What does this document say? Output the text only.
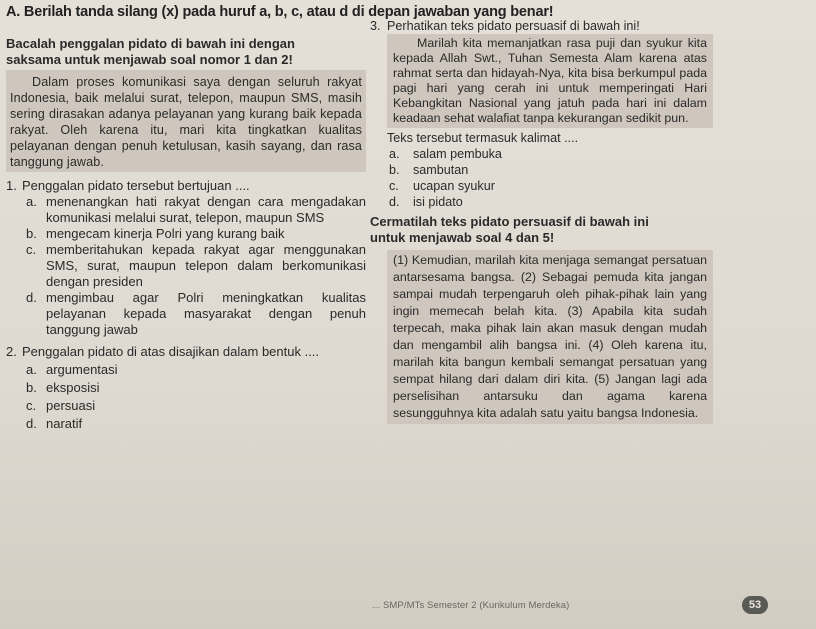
A. Berilah tanda silang (x) pada huruf a, b, c, atau d di depan jawaban yang benar!
Bacalah penggalan pidato di bawah ini dengan
saksama untuk menjawab soal nomor 1 dan 2!
Dalam proses komunikasi saya dengan seluruh rakyat Indonesia, baik melalui surat, telepon, maupun SMS, masih sering dirasakan adanya pelayanan yang kurang baik kepada rakyat. Oleh karena itu, mari kita tingkatkan kualitas pelayanan dengan penuh ketulusan, kasih sayang, dan rasa tanggung jawab.
1. Penggalan pidato tersebut bertujuan ....
a. menenangkan hati rakyat dengan cara mengadakan komunikasi melalui surat, telepon, maupun SMS
b. mengecam kinerja Polri yang kurang baik
c. memberitahukan kepada rakyat agar menggunakan SMS, surat, maupun telepon dalam berkomunikasi dengan presiden
d. mengimbau agar Polri meningkatkan kualitas pelayanan kepada masyarakat dengan penuh tanggung jawab
2. Penggalan pidato di atas disajikan dalam bentuk ....
a. argumentasi
b. eksposisi
c. persuasi
d. naratif
3. Perhatikan teks pidato persuasif di bawah ini!
Marilah kita memanjatkan rasa puji dan syukur kita kepada Allah Swt., Tuhan Semesta Alam karena atas rahmat serta dan hidayah-Nya, kita bisa berkumpul pada pagi hari yang cerah ini untuk memperingati Hari Kebangkitan Nasional yang jatuh pada hari ini dalam keadaan sehat walafiat tanpa kekurangan sedikit pun.
Teks tersebut termasuk kalimat ....
a. salam pembuka
b. sambutan
c. ucapan syukur
d. isi pidato
Cermatilah teks pidato persuasif di bawah ini
untuk menjawab soal 4 dan 5!
(1) Kemudian, marilah kita menjaga semangat persatuan antarsesama bangsa. (2) Sebagai pemuda kita jangan sampai mudah terpengaruh oleh pihak-pihak lain yang ingin memecah belah kita. (3) Apabila kita sudah terpecah, maka pihak lain akan masuk dengan mudah dan mengambil alih bangsa ini. (4) Oleh karena itu, marilah kita bangun kembali semangat persatuan yang sempat hilang dari dalam diri kita. (5) Jangan lagi ada perselisihan antarsuku dan agama karena sesungguhnya kita adalah satu yaitu bangsa Indonesia.
... SMP/MTs Semester 2 (Kurikulum Merdeka)	53
